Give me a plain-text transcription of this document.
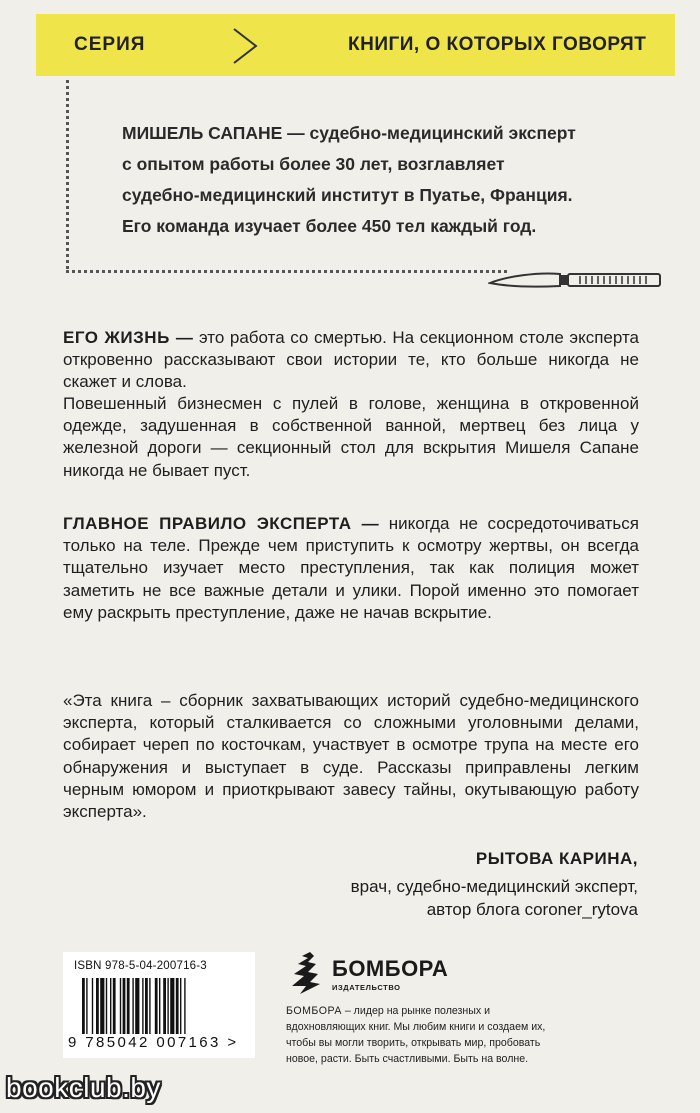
СЕРИЯ	КНИГИ, О КОТОРЫХ ГОВОРЯТ
МИШЕЛЬ САПАНЕ — судебно-медицинский эксперт
с опытом работы более 30 лет, возглавляет
судебно-медицинский институт в Пуатье, Франция.
Его команда изучает более 450 тел каждый год.
ЕГО ЖИЗНЬ — это работа со смертью. На секционном столе эксперта откровенно рассказывают свои истории те, кто больше никогда не скажет и слова.
Повешенный бизнесмен с пулей в голове, женщина в откровенной одежде, задушенная в собственной ванной, мертвец без лица у железной дороги — секционный стол для вскрытия Мишеля Сапане никогда не бывает пуст.
ГЛАВНОЕ ПРАВИЛО ЭКСПЕРТА — никогда не сосредоточиваться только на теле. Прежде чем приступить к осмотру жертвы, он всегда тщательно изучает место преступления, так как полиция может заметить не все важные детали и улики. Порой именно это помогает ему раскрыть преступление, даже не начав вскрытие.
«Эта книга – сборник захватывающих историй судебно-медицинского эксперта, который сталкивается со сложными уголовными делами, собирает череп по косточкам, участвует в осмотре трупа на месте его обнаружения и выступает в суде. Рассказы приправлены легким черным юмором и приоткрывают завесу тайны, окутывающую работу эксперта».
РЫТОВА КАРИНА,
врач, судебно-медицинский эксперт,
автор блога coroner_rytova
ISBN 978-5-04-200716-3
9 785042 007163 >
БОМБОРА
ИЗДАТЕЛЬСТВО
БОМБОРА – лидер на рынке полезных и вдохновляющих книг. Мы любим книги и создаем их, чтобы вы могли творить, открывать мир, пробовать новое, расти. Быть счастливыми. Быть на волне.
bookclub.by
